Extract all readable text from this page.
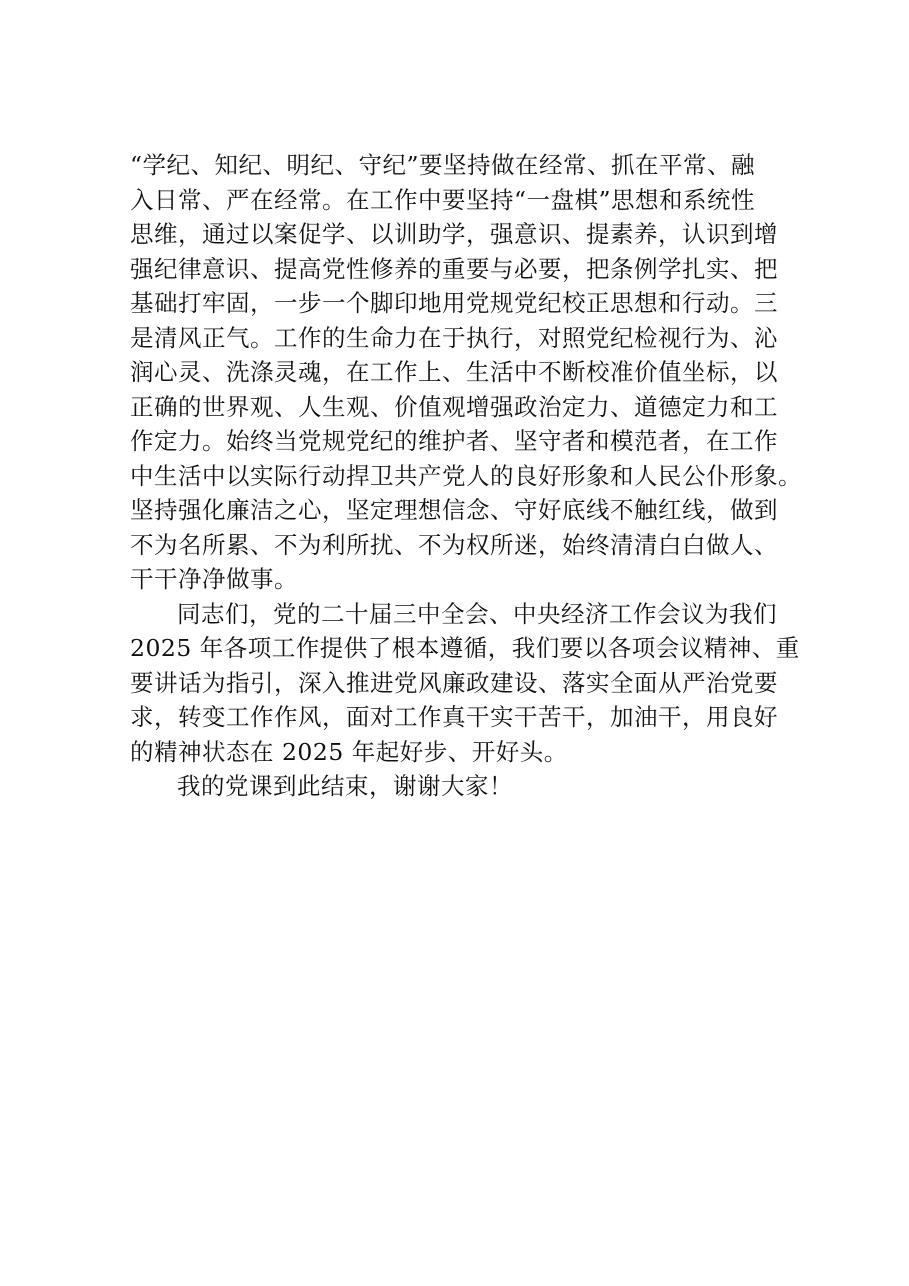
“学纪、知纪、明纪、守纪”要坚持做在经常、抓在平常、融
入日常、严在经常。在工作中要坚持“一盘棋”思想和系统性
思维，通过以案促学、以训助学，强意识、提素养，认识到增
强纪律意识、提高党性修养的重要与必要，把条例学扎实、把
基础打牢固，一步一个脚印地用党规党纪校正思想和行动。三
是清风正气。工作的生命力在于执行，对照党纪检视行为、沁
润心灵、洗涤灵魂，在工作上、生活中不断校准价值坐标，以
正确的世界观、人生观、价值观增强政治定力、道德定力和工
作定力。始终当党规党纪的维护者、坚守者和模范者，在工作
中生活中以实际行动捍卫共产党人的良好形象和人民公仆形象。
坚持强化廉洁之心，坚定理想信念、守好底线不触红线，做到
不为名所累、不为利所扰、不为权所迷，始终清清白白做人、
干干净净做事。
同志们，党的二十届三中全会、中央经济工作会议为我们
2025 年各项工作提供了根本遵循，我们要以各项会议精神、重
要讲话为指引，深入推进党风廉政建设、落实全面从严治党要
求，转变工作作风，面对工作真干实干苦干，加油干，用良好
的精神状态在 2025 年起好步、开好头。
我的党课到此结束，谢谢大家！
